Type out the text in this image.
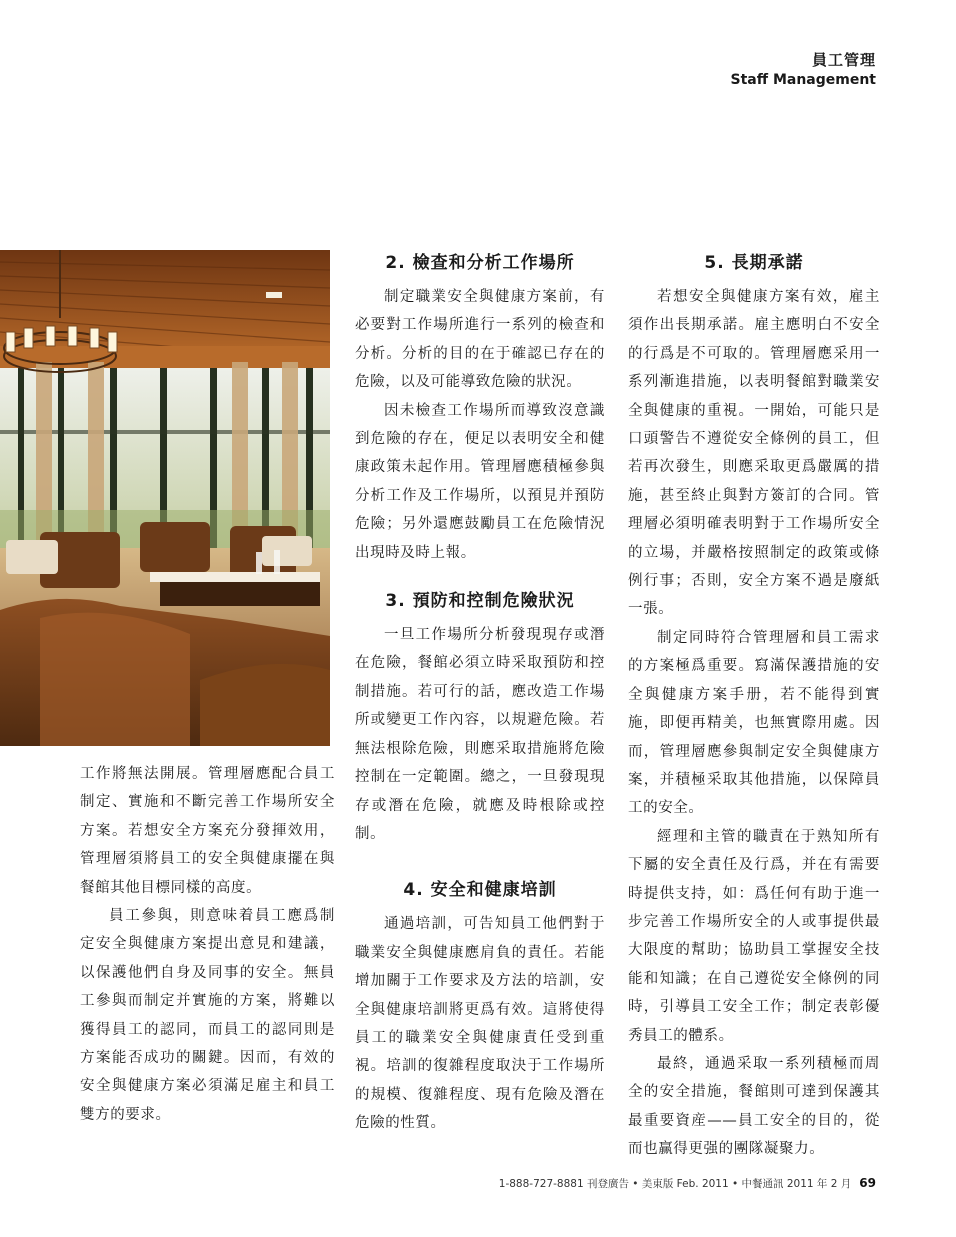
員工管理
Staff Management

工作將無法開展。管理層應配合員工制定、實施和不斷完善工作場所安全方案。若想安全方案充分發揮效用，管理層須將員工的安全與健康擺在與餐館其他目標同樣的高度。

員工參與，則意味着員工應爲制定安全與健康方案提出意見和建議，以保護他們自身及同事的安全。無員工參與而制定并實施的方案，將難以獲得員工的認同，而員工的認同則是方案能否成功的關鍵。因而，有效的安全與健康方案必須滿足雇主和員工雙方的要求。

2. 檢查和分析工作場所

制定職業安全與健康方案前，有必要對工作場所進行一系列的檢查和分析。分析的目的在于確認已存在的危險，以及可能導致危險的狀況。

因未檢查工作場所而導致沒意識到危險的存在，便足以表明安全和健康政策未起作用。管理層應積極參與分析工作及工作場所，以預見并預防危險；另外還應鼓勵員工在危險情況出現時及時上報。

3. 預防和控制危險狀況

一旦工作場所分析發現現存或潛在危險，餐館必須立時采取預防和控制措施。若可行的話，應改造工作場所或變更工作內容，以規避危險。若無法根除危險，則應采取措施將危險控制在一定範圍。總之，一旦發現現存或潛在危險，就應及時根除或控制。

4. 安全和健康培訓

通過培訓，可告知員工他們對于職業安全與健康應肩負的責任。若能增加關于工作要求及方法的培訓，安全與健康培訓將更爲有效。這將使得員工的職業安全與健康責任受到重視。培訓的復雜程度取決于工作場所的規模、復雜程度、現有危險及潛在危險的性質。

5. 長期承諾

若想安全與健康方案有效，雇主須作出長期承諾。雇主應明白不安全的行爲是不可取的。管理層應采用一系列漸進措施，以表明餐館對職業安全與健康的重視。一開始，可能只是口頭警告不遵從安全條例的員工，但若再次發生，則應采取更爲嚴厲的措施，甚至終止與對方簽訂的合同。管理層必須明確表明對于工作場所安全的立場，并嚴格按照制定的政策或條例行事；否則，安全方案不過是廢紙一張。

制定同時符合管理層和員工需求的方案極爲重要。寫滿保護措施的安全與健康方案手册，若不能得到實施，即便再精美，也無實際用處。因而，管理層應參與制定安全與健康方案，并積極采取其他措施，以保障員工的安全。

經理和主管的職責在于熟知所有下屬的安全責任及行爲，并在有需要時提供支持，如：爲任何有助于進一步完善工作場所安全的人或事提供最大限度的幫助；協助員工掌握安全技能和知識；在自己遵從安全條例的同時，引導員工安全工作；制定表彰優秀員工的體系。

最終，通過采取一系列積極而周全的安全措施，餐館則可達到保護其最重要資産——員工安全的目的，從而也赢得更强的團隊凝聚力。

1-888-727-8881 刊登廣告 • 美東版 Feb. 2011 • 中餐通訊 2011 年 2 月 69
